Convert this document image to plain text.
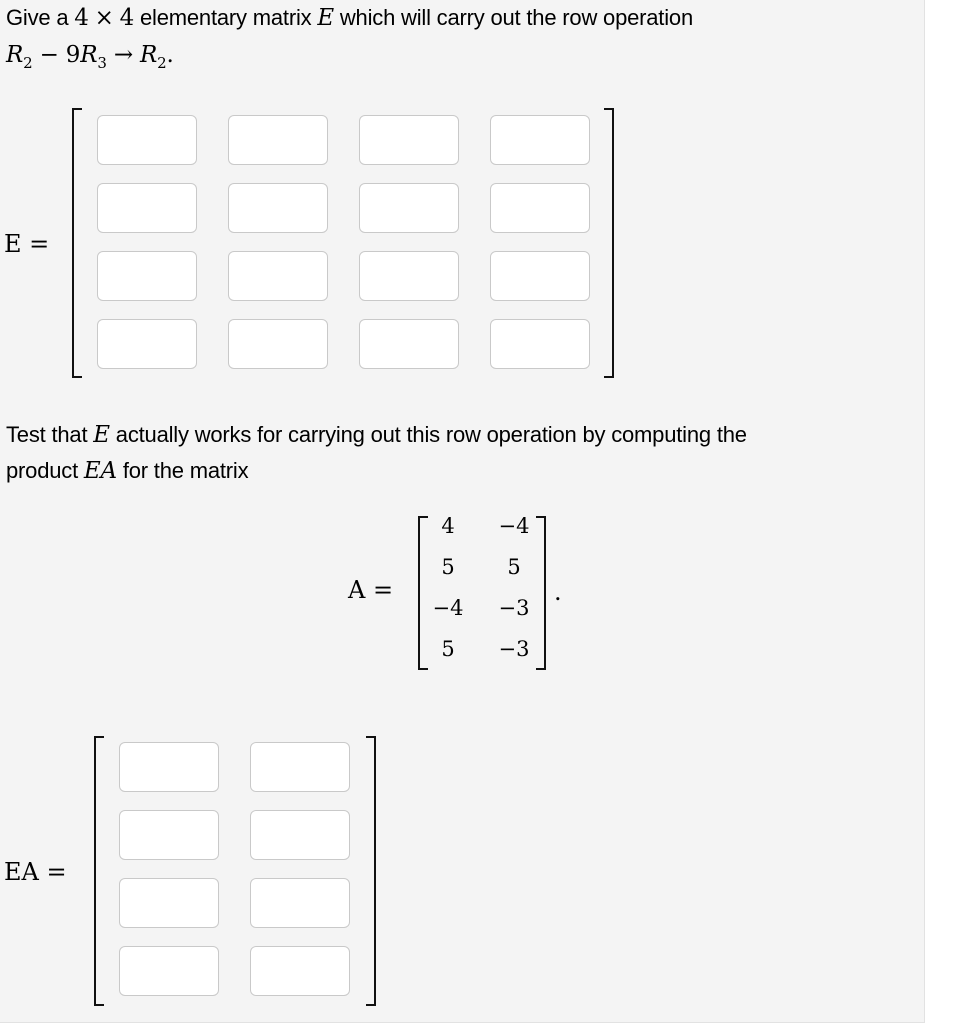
Give a 4 × 4 elementary matrix E which will carry out the row operation
$R_2 - 9R_3 \to R_2$.
E =
Test that E actually works for carrying out this row operation by computing the
product EA for the matrix
A =
4	−4
5	5
−4	−3
5	−3
.
EA =
